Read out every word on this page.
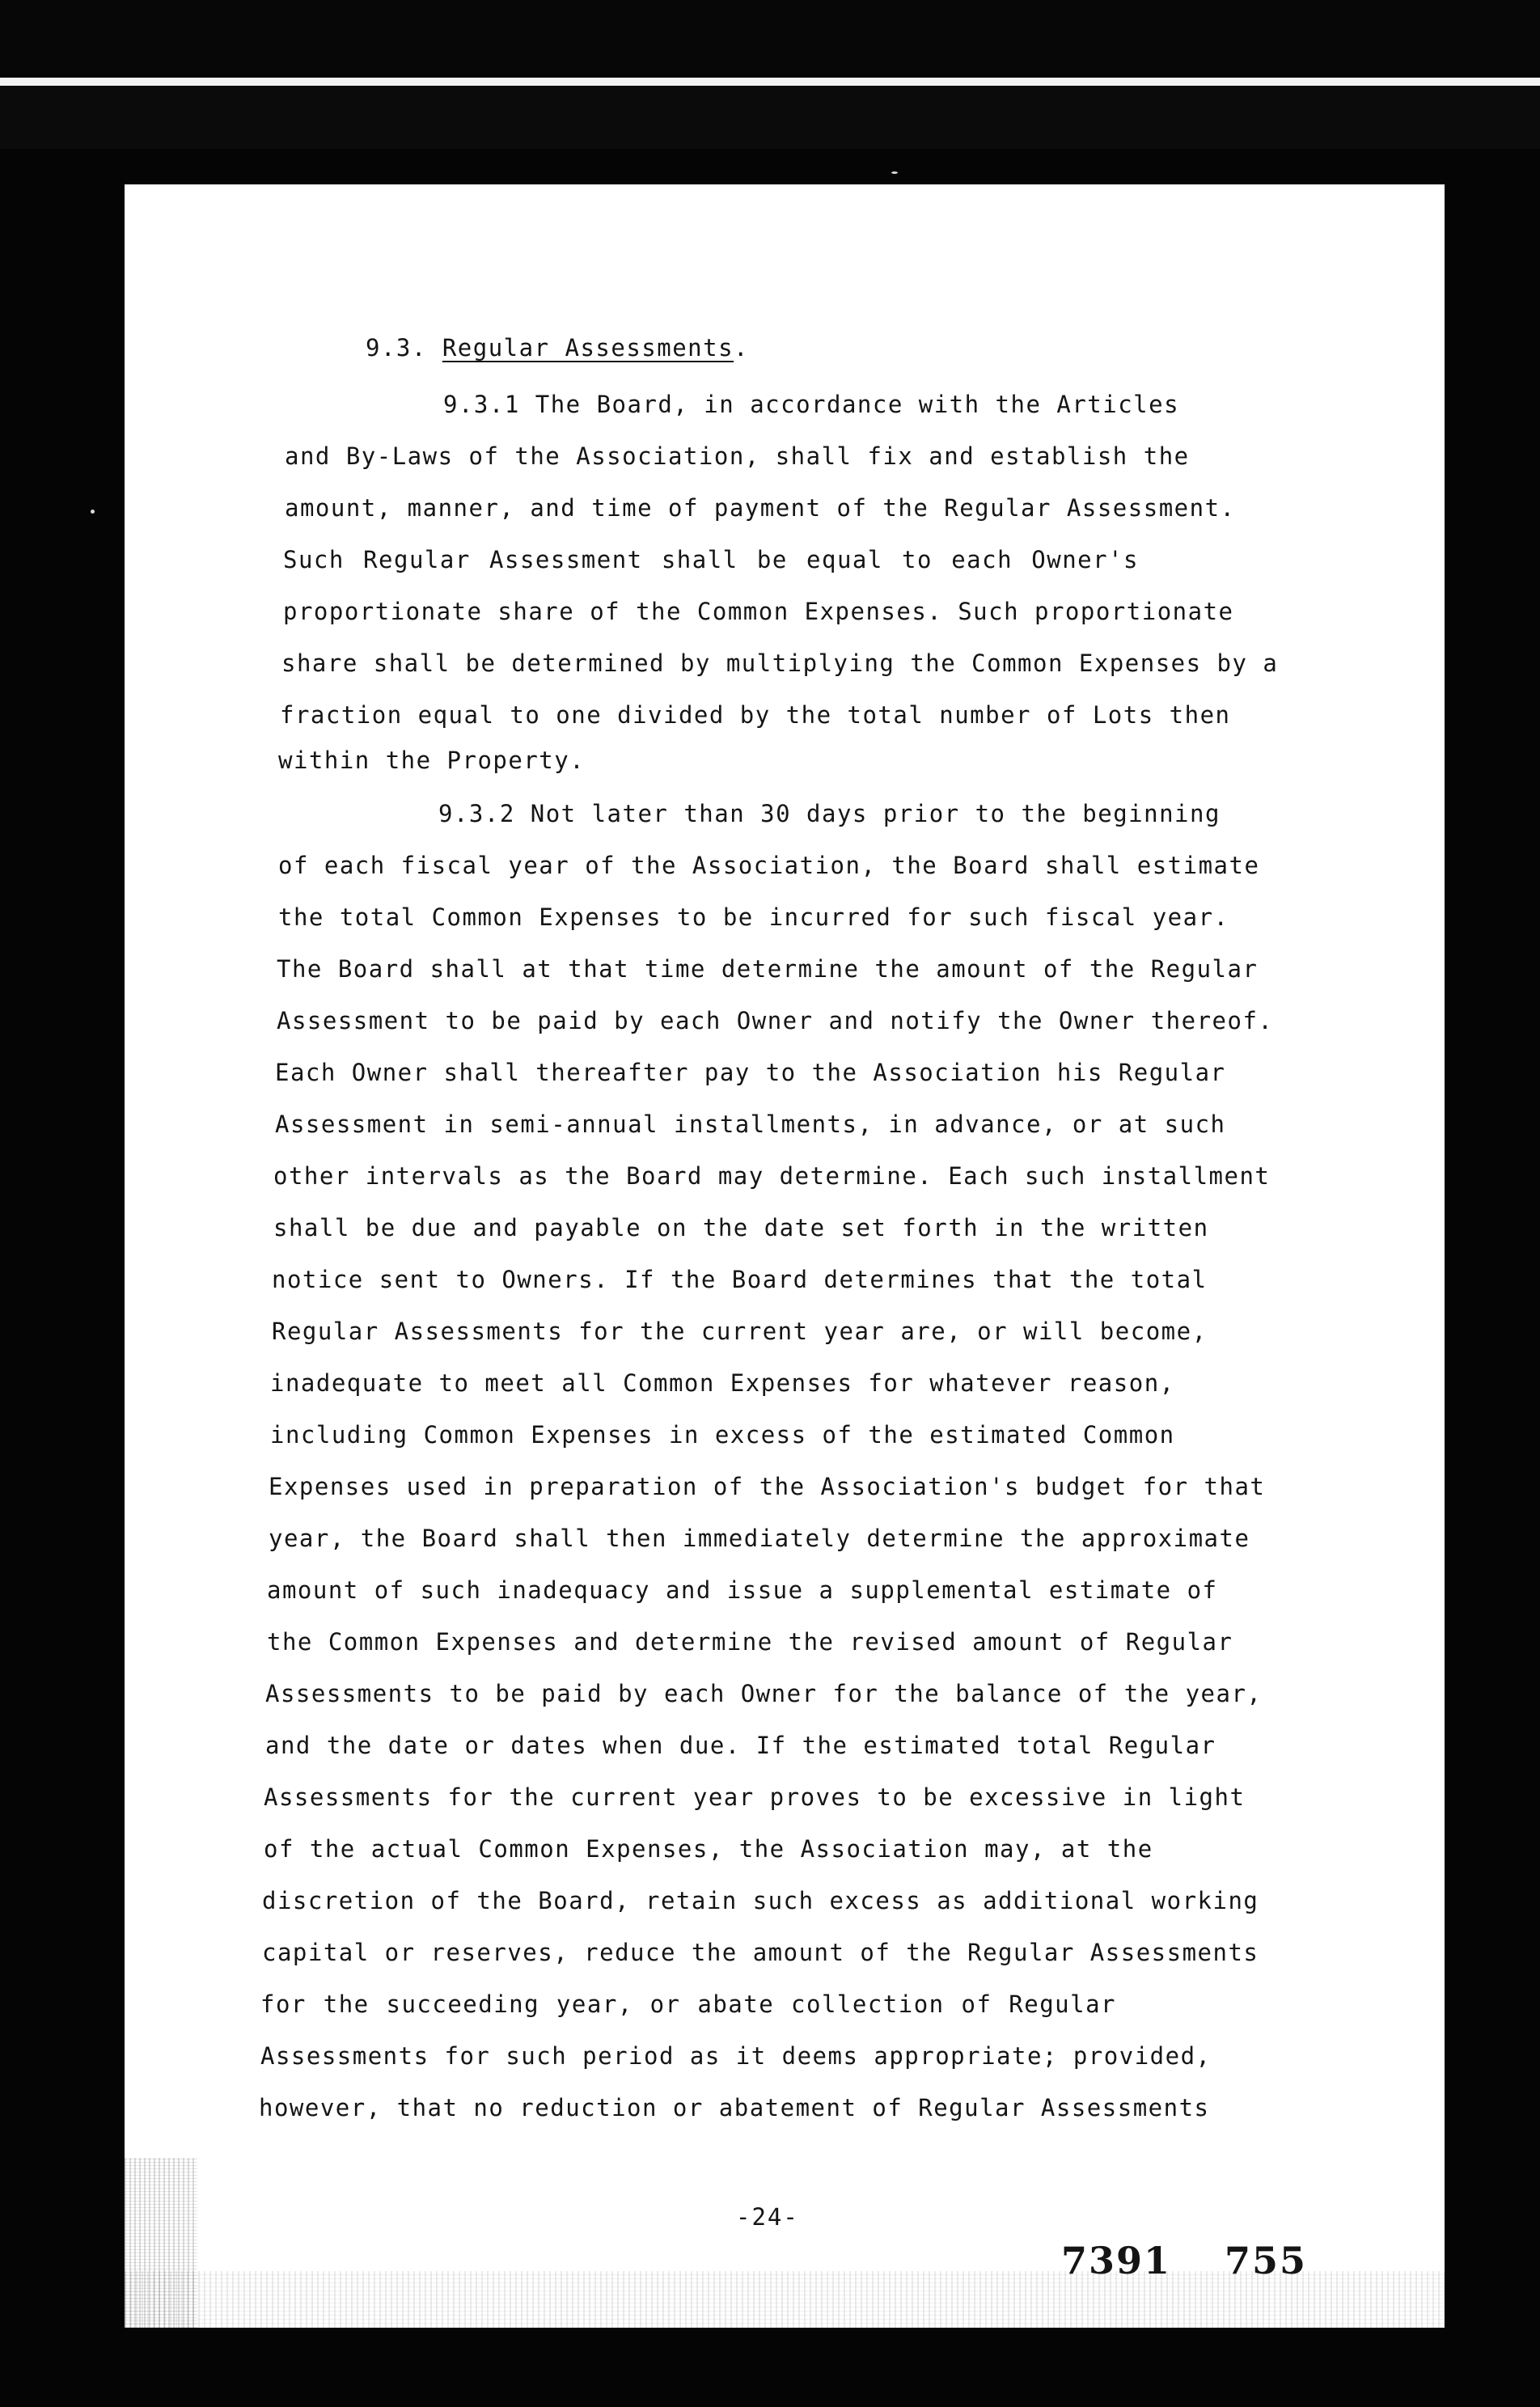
9.3. Regular Assessments.
9.3.1 The Board, in accordance with the Articles
and By-Laws of the Association, shall fix and establish the
amount, manner, and time of payment of the Regular Assessment.
Such Regular Assessment shall be equal to each Owner's
proportionate share of the Common Expenses. Such proportionate
share shall be determined by multiplying the Common Expenses by a
fraction equal to one divided by the total number of Lots then
within the Property.
9.3.2 Not later than 30 days prior to the beginning
of each fiscal year of the Association, the Board shall estimate
the total Common Expenses to be incurred for such fiscal year.
The Board shall at that time determine the amount of the Regular
Assessment to be paid by each Owner and notify the Owner thereof.
Each Owner shall thereafter pay to the Association his Regular
Assessment in semi-annual installments, in advance, or at such
other intervals as the Board may determine. Each such installment
shall be due and payable on the date set forth in the written
notice sent to Owners. If the Board determines that the total
Regular Assessments for the current year are, or will become,
inadequate to meet all Common Expenses for whatever reason,
including Common Expenses in excess of the estimated Common
Expenses used in preparation of the Association's budget for that
year, the Board shall then immediately determine the approximate
amount of such inadequacy and issue a supplemental estimate of
the Common Expenses and determine the revised amount of Regular
Assessments to be paid by each Owner for the balance of the year,
and the date or dates when due. If the estimated total Regular
Assessments for the current year proves to be excessive in light
of the actual Common Expenses, the Association may, at the
discretion of the Board, retain such excess as additional working
capital or reserves, reduce the amount of the Regular Assessments
for the succeeding year, or abate collection of Regular
Assessments for such period as it deems appropriate; provided,
however, that no reduction or abatement of Regular Assessments
-24-
7391 755
